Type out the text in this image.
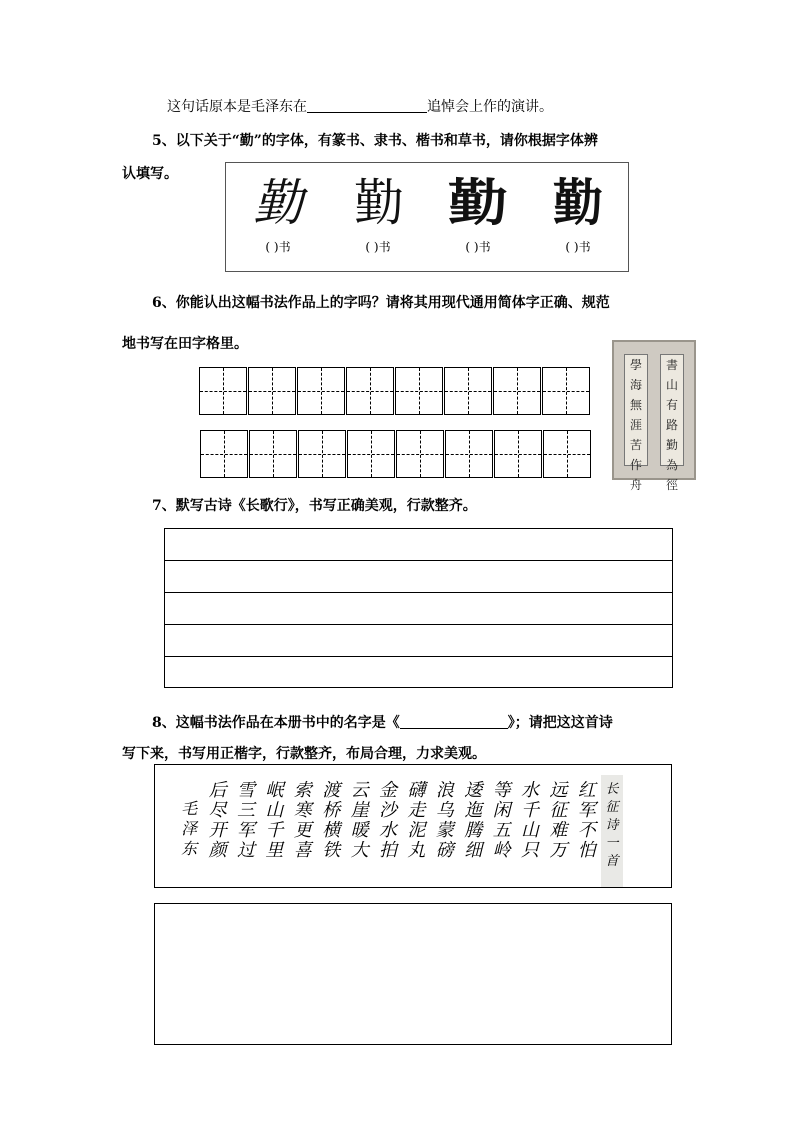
这句话原本是毛泽东在	追悼会上作的演讲。
5、以下关于“勤”的字体，有篆书、隶书、楷书和草书，请你根据字体辨
认填写。	勤
( )书
勤
( )书
勤
( )书
勤
( )书
6、你能认出这幅书法作品上的字吗？请将其用现代通用简体字正确、规范
地书写在田字格里。
學
海
無
涯
苦
作
舟
書
山
有
路
勤
為
徑
7、默写古诗《长歌行》，书写正确美观，行款整齐。
8、这幅书法作品在本册书中的名字是《	》；请把这这首诗
写下来，书写用正楷字，行款整齐，布局合理，力求美观。
红军不怕
远征难万
水千山只
等闲五岭
逶迤腾细
浪乌蒙磅
礴走泥丸
金沙水拍
云崖暖大
渡桥横铁
索寒更喜
岷山千里
雪三军过
后尽开颜
毛泽东
长征诗一首
